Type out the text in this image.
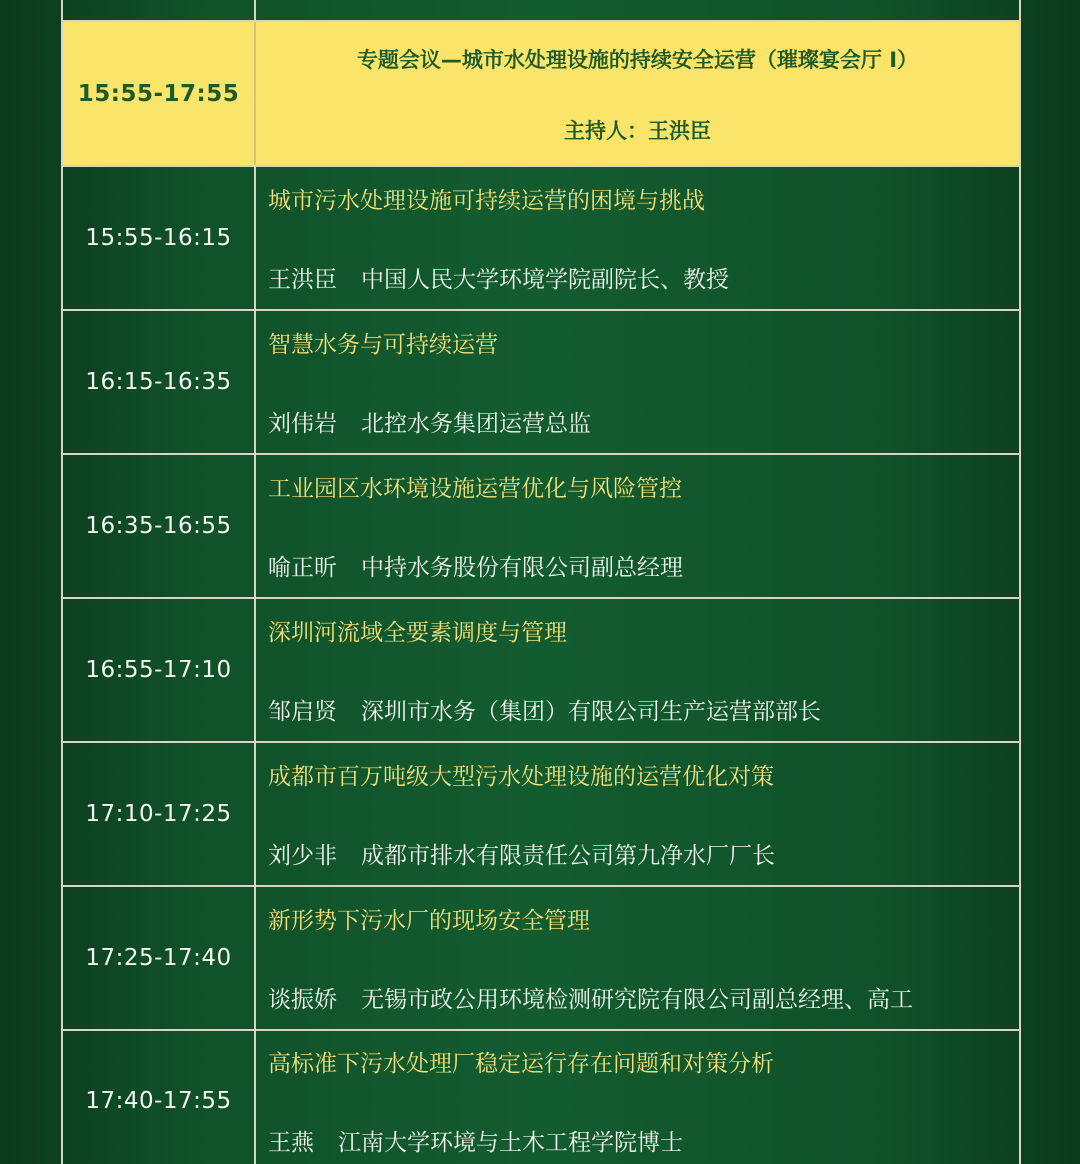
15:55-17:55
专题会议—城市水处理设施的持续安全运营（璀璨宴会厅 I）
主持人：王洪臣
15:55-16:15
城市污水处理设施可持续运营的困境与挑战
王洪臣 中国人民大学环境学院副院长、教授
16:15-16:35
智慧水务与可持续运营
刘伟岩 北控水务集团运营总监
16:35-16:55
工业园区水环境设施运营优化与风险管控
喻正昕 中持水务股份有限公司副总经理
16:55-17:10
深圳河流域全要素调度与管理
邹启贤 深圳市水务（集团）有限公司生产运营部部长
17:10-17:25
成都市百万吨级大型污水处理设施的运营优化对策
刘少非 成都市排水有限责任公司第九净水厂厂长
17:25-17:40
新形势下污水厂的现场安全管理
谈振娇 无锡市政公用环境检测研究院有限公司副总经理、高工
17:40-17:55
高标准下污水处理厂稳定运行存在问题和对策分析
王燕 江南大学环境与土木工程学院博士
